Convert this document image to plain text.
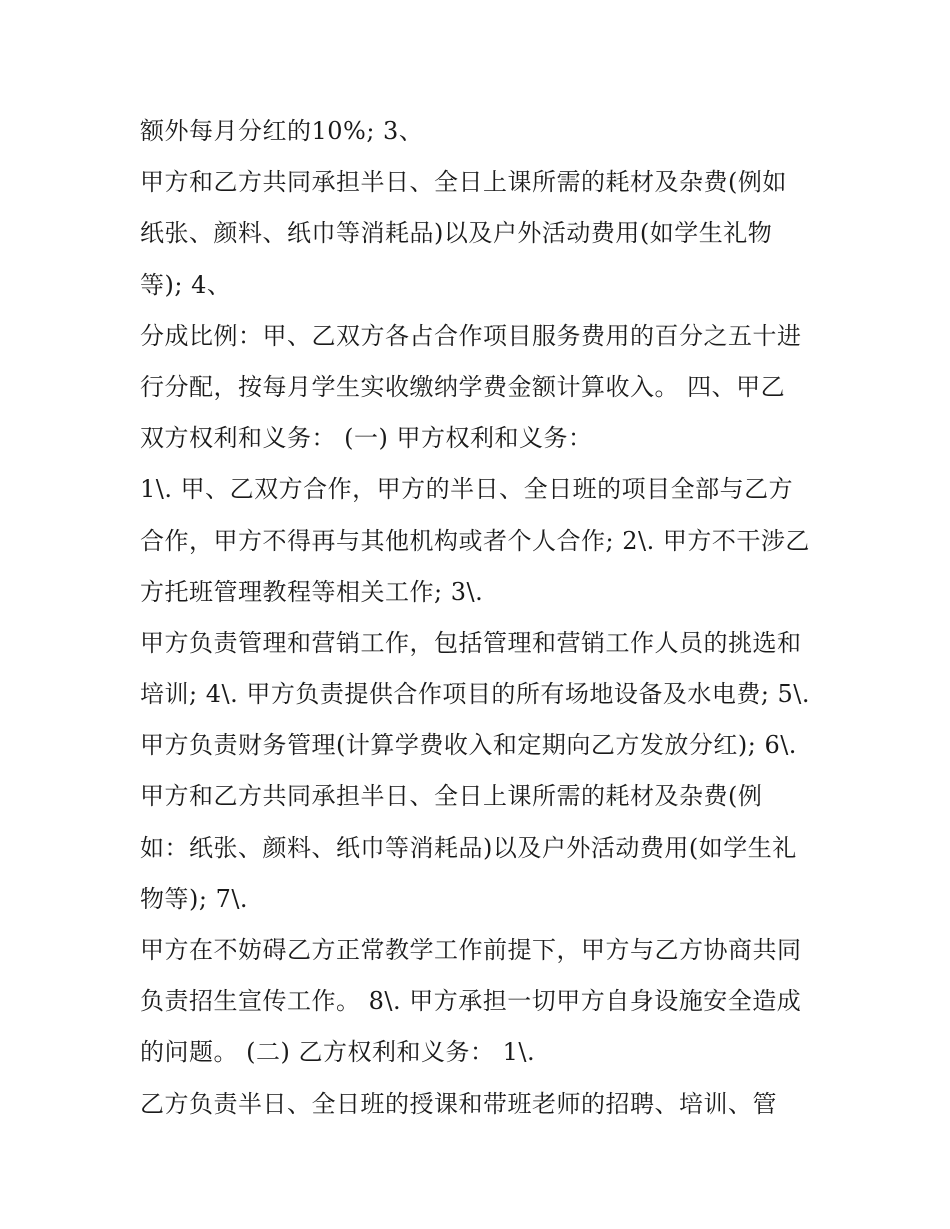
额外每月分红的10%; 3、
甲方和乙方共同承担半日、全日上课所需的耗材及杂费(例如
纸张、颜料、纸巾等消耗品)以及户外活动费用(如学生礼物
等); 4、
分成比例：甲、乙双方各占合作项目服务费用的百分之五十进
行分配，按每月学生实收缴纳学费金额计算收入。 四、甲乙
双方权利和义务： (一) 甲方权利和义务：
1\. 甲、乙双方合作，甲方的半日、全日班的项目全部与乙方
合作，甲方不得再与其他机构或者个人合作; 2\. 甲方不干涉乙
方托班管理教程等相关工作; 3\.
甲方负责管理和营销工作，包括管理和营销工作人员的挑选和
培训; 4\. 甲方负责提供合作项目的所有场地设备及水电费; 5\.
甲方负责财务管理(计算学费收入和定期向乙方发放分红); 6\.
甲方和乙方共同承担半日、全日上课所需的耗材及杂费(例
如：纸张、颜料、纸巾等消耗品)以及户外活动费用(如学生礼
物等); 7\.
甲方在不妨碍乙方正常教学工作前提下，甲方与乙方协商共同
负责招生宣传工作。 8\. 甲方承担一切甲方自身设施安全造成
的问题。 (二) 乙方权利和义务： 1\.
乙方负责半日、全日班的授课和带班老师的招聘、培训、管
